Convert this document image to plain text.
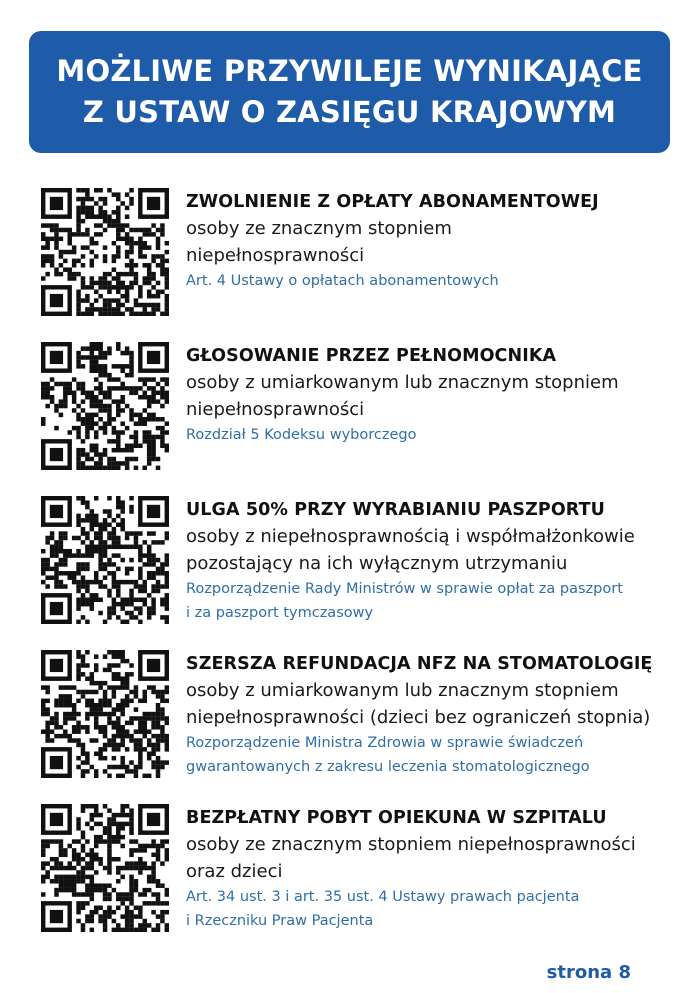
MOŻLIWE PRZYWILEJE WYNIKAJĄCE
Z USTAW O ZASIĘGU KRAJOWYM
ZWOLNIENIE Z OPŁATY ABONAMENTOWEJ
osoby ze znacznym stopniem
niepełnosprawności
Art. 4 Ustawy o opłatach abonamentowych
GŁOSOWANIE PRZEZ PEŁNOMOCNIKA
osoby z umiarkowanym lub znacznym stopniem
niepełnosprawności
Rozdział 5 Kodeksu wyborczego
ULGA 50% PRZY WYRABIANIU PASZPORTU
osoby z niepełnosprawnością i współmałżonkowie
pozostający na ich wyłącznym utrzymaniu
Rozporządzenie Rady Ministrów w sprawie opłat za paszport
i za paszport tymczasowy
SZERSZA REFUNDACJA NFZ NA STOMATOLOGIĘ
osoby z umiarkowanym lub znacznym stopniem
niepełnosprawności (dzieci bez ograniczeń stopnia)
Rozporządzenie Ministra Zdrowia w sprawie świadczeń
gwarantowanych z zakresu leczenia stomatologicznego
BEZPŁATNY POBYT OPIEKUNA W SZPITALU
osoby ze znacznym stopniem niepełnosprawności
oraz dzieci
Art. 34 ust. 3 i art. 35 ust. 4 Ustawy prawach pacjenta
i Rzeczniku Praw Pacjenta
strona 8
